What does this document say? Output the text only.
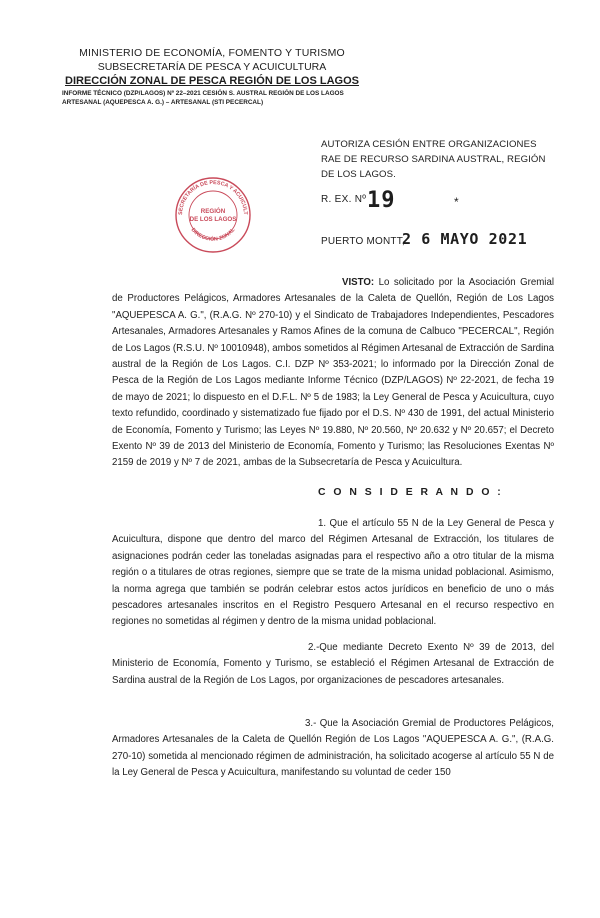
MINISTERIO DE ECONOMÍA, FOMENTO Y TURISMO
SUBSECRETARÍA DE PESCA Y ACUICULTURA
DIRECCIÓN ZONAL DE PESCA REGIÓN DE LOS LAGOS
INFORME TÉCNICO (DZP/LAGOS) Nº 22–2021 CESIÓN S. AUSTRAL REGIÓN DE LOS LAGOS
ARTESANAL (AQUEPESCA A. G.) – ARTESANAL (STI PECERCAL)
SECRETARÍA DE PESCA Y ACUICULT
DIRECCIÓN ZONAL
REGIÓN
DE LOS LAGOS
AUTORIZA CESIÓN ENTRE ORGANIZACIONES RAE DE RECURSO SARDINA AUSTRAL, REGIÓN DE LOS LAGOS.
R. EX. Nº 19	*
PUERTO MONTT,
2 6 MAYO 2021
VISTO: Lo solicitado por la Asociación Gremial de Productores Pelágicos, Armadores Artesanales de la Caleta de Quellón, Región de Los Lagos "AQUEPESCA A. G.", (R.A.G. Nº 270-10) y el Sindicato de Trabajadores Independientes, Pescadores Artesanales, Armadores Artesanales y Ramos Afines de la comuna de Calbuco "PECERCAL", Región de Los Lagos (R.S.U. Nº 10010948), ambos sometidos al Régimen Artesanal de Extracción de Sardina austral de la Región de Los Lagos. C.I. DZP Nº 353-2021; lo informado por la Dirección Zonal de Pesca de la Región de Los Lagos mediante Informe Técnico (DZP/LAGOS) Nº 22-2021, de fecha 19 de mayo de 2021; lo dispuesto en el D.F.L. Nº 5 de 1983; la Ley General de Pesca y Acuicultura, cuyo texto refundido, coordinado y sistematizado fue fijado por el D.S. Nº 430 de 1991, del actual Ministerio de Economía, Fomento y Turismo; las Leyes Nº 19.880, Nº 20.560, Nº 20.632 y Nº 20.657; el Decreto Exento Nº 39 de 2013 del Ministerio de Economía, Fomento y Turismo; las Resoluciones Exentas Nº 2159 de 2019 y Nº 7 de 2021, ambas de la Subsecretaría de Pesca y Acuicultura.
C O N S I D E R A N D O :
1. Que el artículo 55 N de la Ley General de Pesca y Acuicultura, dispone que dentro del marco del Régimen Artesanal de Extracción, los titulares de asignaciones podrán ceder las toneladas asignadas para el respectivo año a otro titular de la misma región o a titulares de otras regiones, siempre que se trate de la misma unidad poblacional. Asimismo, la norma agrega que también se podrán celebrar estos actos jurídicos en beneficio de uno o más pescadores artesanales inscritos en el Registro Pesquero Artesanal en el recurso respectivo en regiones no sometidas al régimen y dentro de la misma unidad poblacional.
2.-Que mediante Decreto Exento Nº 39 de 2013, del Ministerio de Economía, Fomento y Turismo, se estableció el Régimen Artesanal de Extracción de Sardina austral de la Región de Los Lagos, por organizaciones de pescadores artesanales.
3.- Que la Asociación Gremial de Productores Pelágicos, Armadores Artesanales de la Caleta de Quellón Región de Los Lagos "AQUEPESCA A. G.", (R.A.G. 270-10) sometida al mencionado régimen de administración, ha solicitado acogerse al artículo 55 N de la Ley General de Pesca y Acuicultura, manifestando su voluntad de ceder 150
